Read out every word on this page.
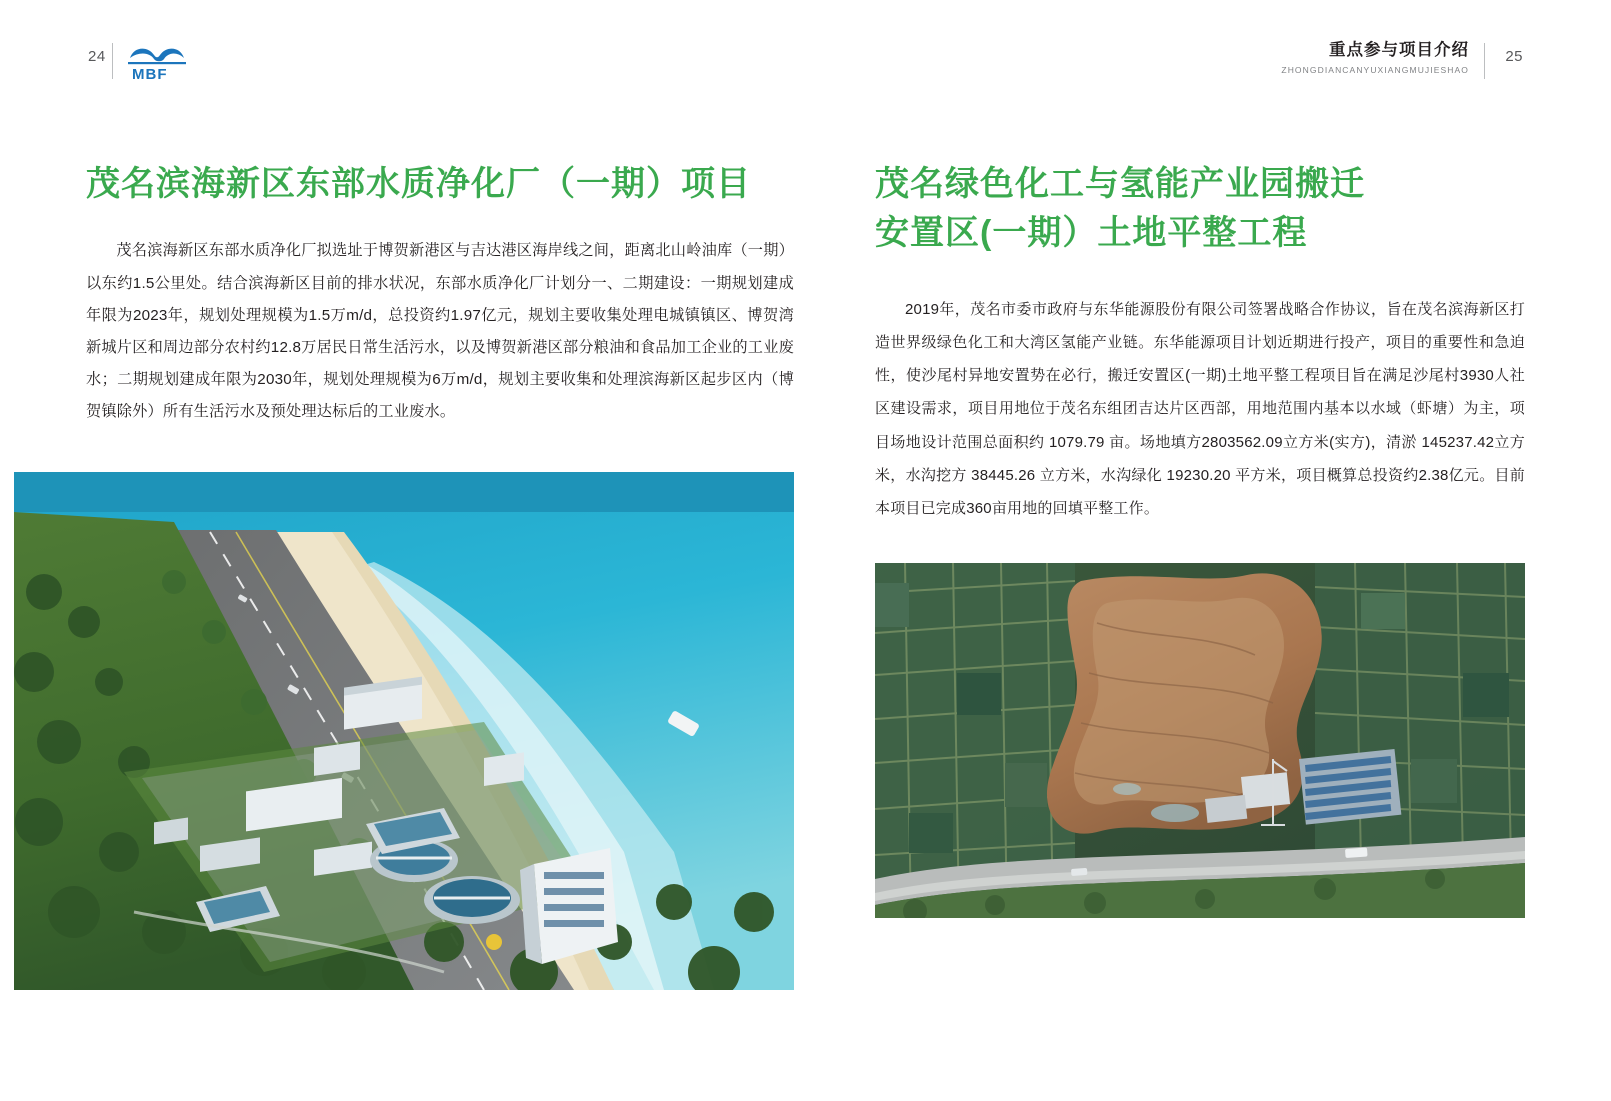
24
MBF
重点参与项目介绍
ZHONGDIANCANYUXIANGMUJIESHAO
25
茂名滨海新区东部水质净化厂（一期）项目
茂名滨海新区东部水质净化厂拟选址于博贺新港区与吉达港区海岸线之间，距离北山岭油库（一期）以东约1.5公里处。结合滨海新区目前的排水状况，东部水质净化厂计划分一、二期建设：一期规划建成年限为2023年，规划处理规模为1.5万m/d，总投资约1.97亿元，规划主要收集处理电城镇镇区、博贺湾新城片区和周边部分农村约12.8万居民日常生活污水，以及博贺新港区部分粮油和食品加工企业的工业废水；二期规划建成年限为2030年，规划处理规模为6万m/d，规划主要收集和处理滨海新区起步区内（博贺镇除外）所有生活污水及预处理达标后的工业废水。
茂名绿色化工与氢能产业园搬迁
安置区(一期）土地平整工程
2019年，茂名市委市政府与东华能源股份有限公司签署战略合作协议，旨在茂名滨海新区打造世界级绿色化工和大湾区氢能产业链。东华能源项目计划近期进行投产，项目的重要性和急迫性，使沙尾村异地安置势在必行，搬迁安置区(一期)土地平整工程项目旨在满足沙尾村3930人社区建设需求，项目用地位于茂名东组团吉达片区西部，用地范围内基本以水域（虾塘）为主，项目场地设计范围总面积约 1079.79 亩。场地填方2803562.09立方米(实方)，清淤 145237.42立方米，水沟挖方 38445.26 立方米，水沟绿化 19230.20 平方米，项目概算总投资约2.38亿元。目前本项目已完成360亩用地的回填平整工作。
